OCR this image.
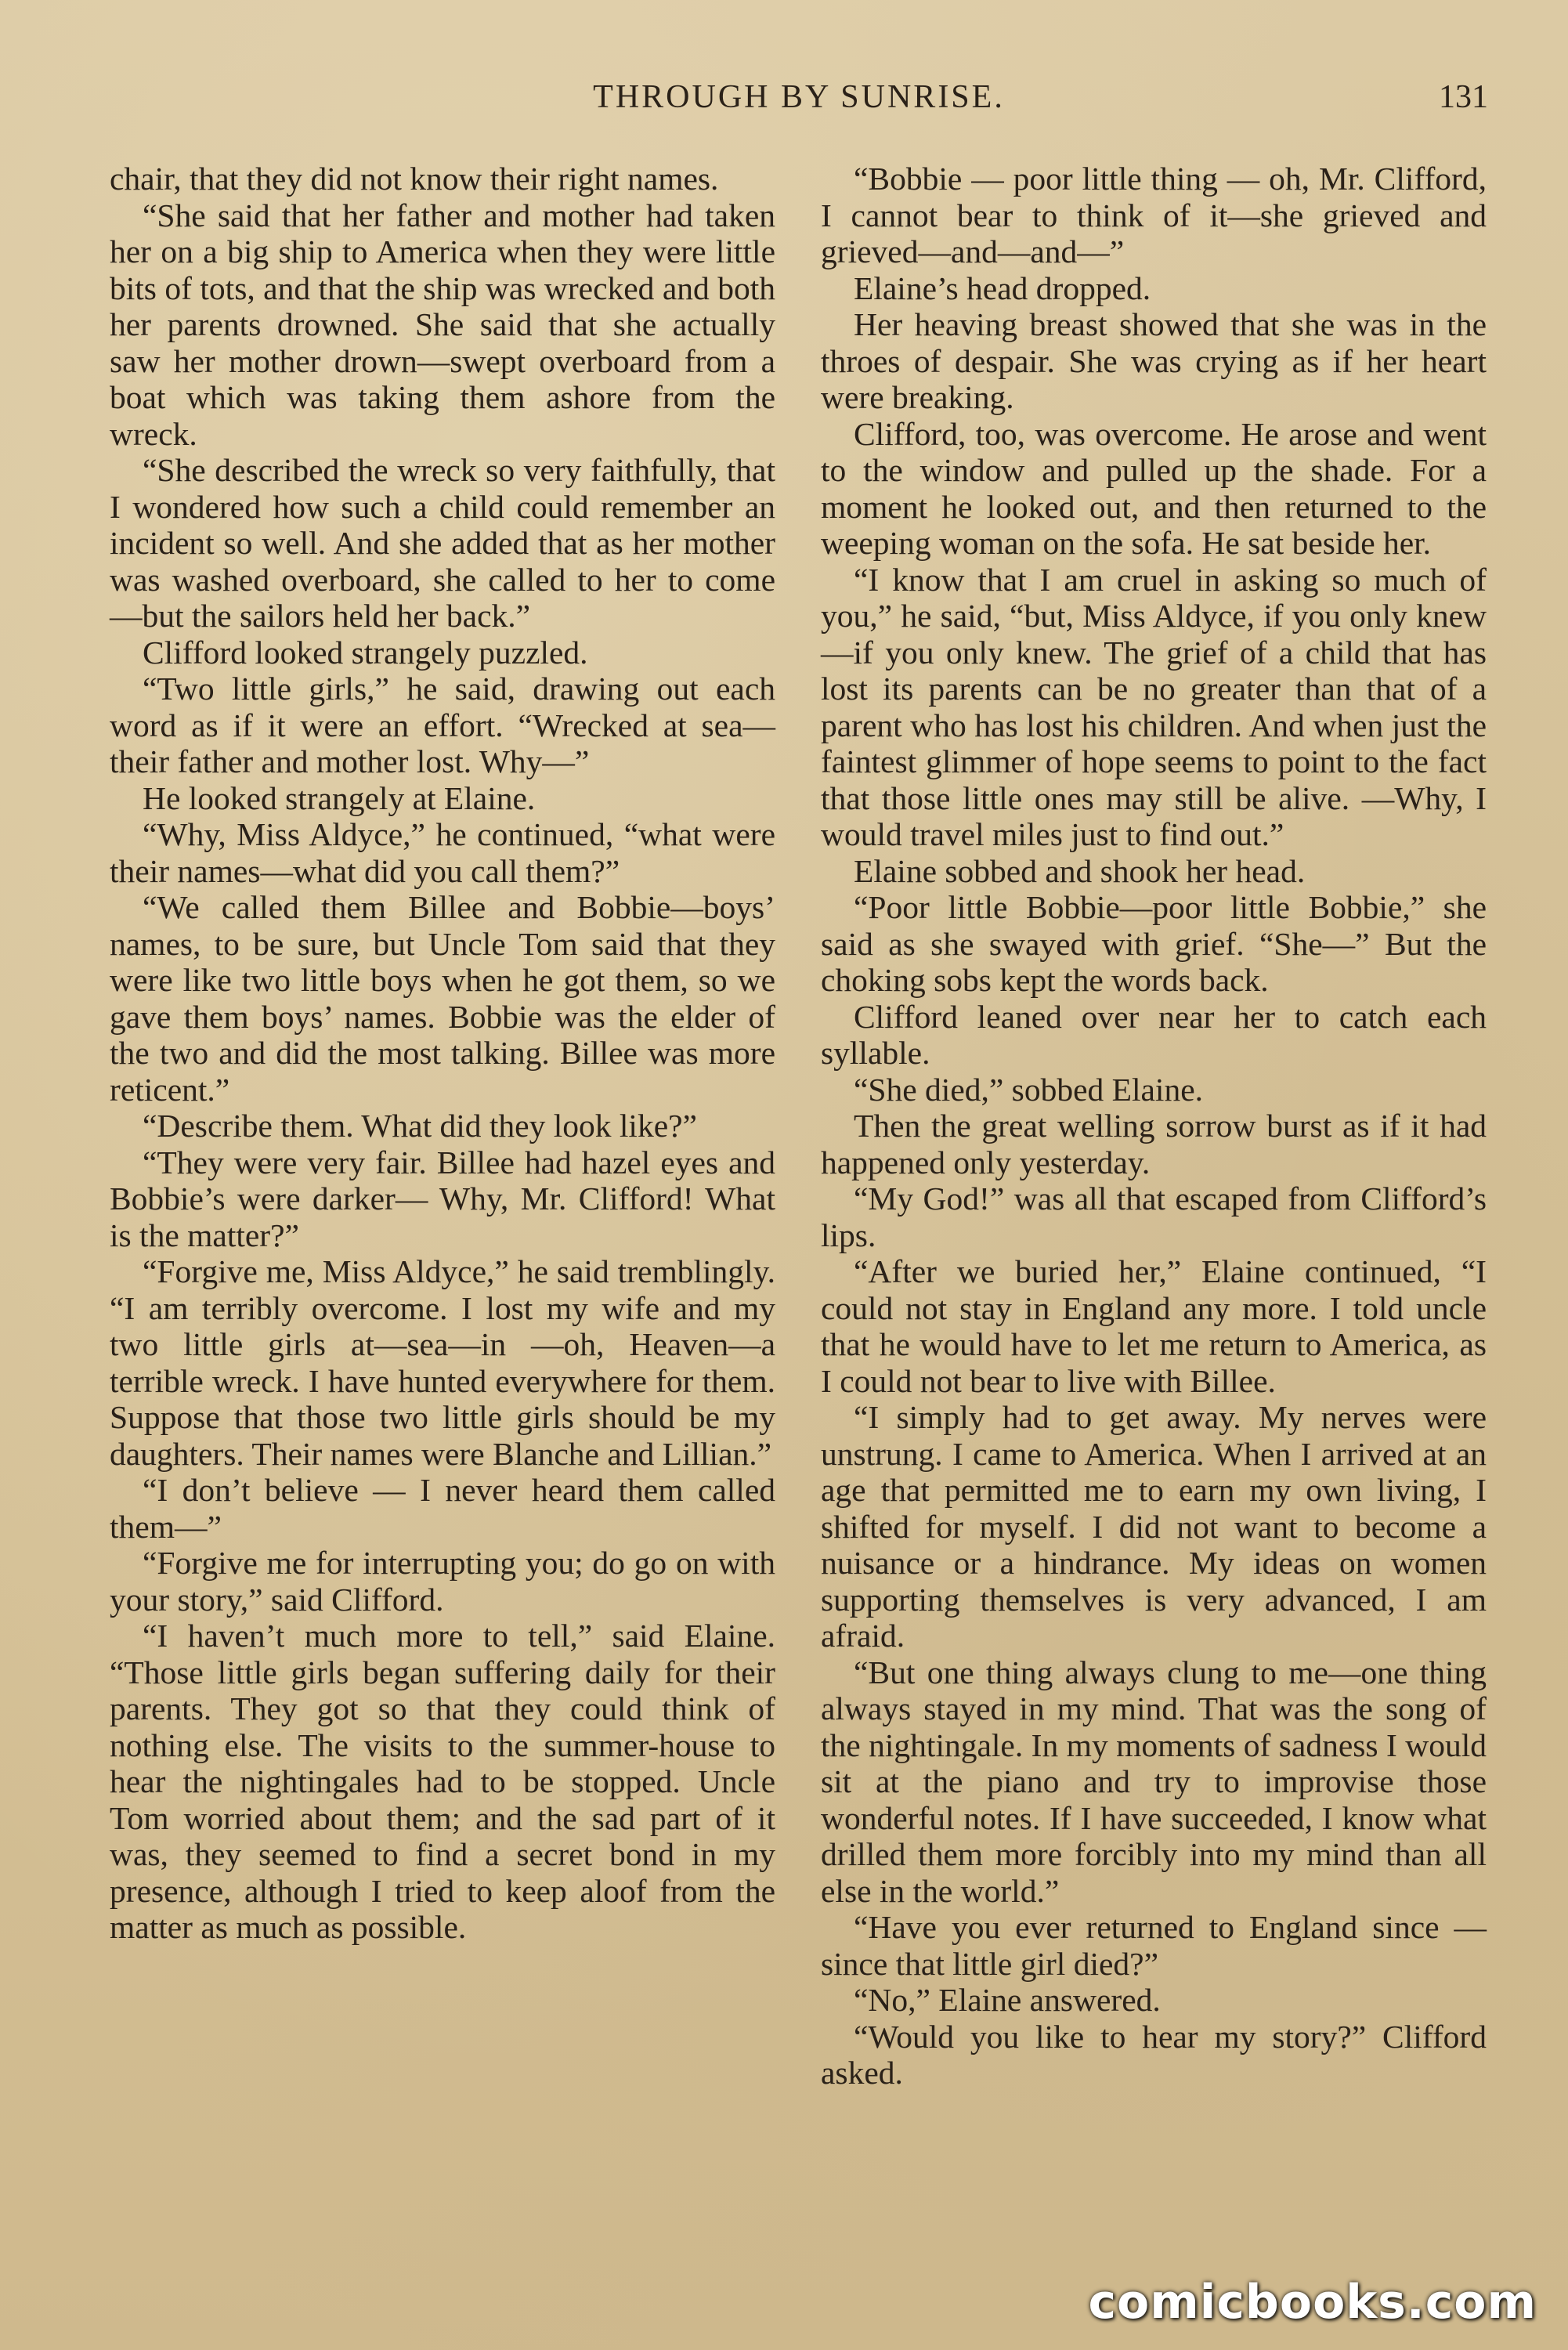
THROUGH BY SUNRISE.	131

chair, that they did not know their right names.

“She said that her father and mother had taken her on a big ship to America when they were little bits of tots, and that the ship was wrecked and both her parents drowned. She said that she actually saw her mother drown—swept overboard from a boat which was taking them ashore from the wreck.

“She described the wreck so very faithfully, that I wondered how such a child could remember an incident so well. And she added that as her mother was washed overboard, she called to her to come—but the sailors held her back.”

Clifford looked strangely puzzled.

“Two little girls,” he said, drawing out each word as if it were an effort. “Wrecked at sea—their father and mother lost. Why—”

He looked strangely at Elaine.

“Why, Miss Aldyce,” he continued, “what were their names—what did you call them?”

“We called them Billee and Bobbie—boys’ names, to be sure, but Uncle Tom said that they were like two little boys when he got them, so we gave them boys’ names. Bobbie was the elder of the two and did the most talking. Billee was more reticent.”

“Describe them. What did they look like?”

“They were very fair. Billee had hazel eyes and Bobbie’s were darker— Why, Mr. Clifford! What is the matter?”

“Forgive me, Miss Aldyce,” he said tremblingly. “I am terribly overcome. I lost my wife and my two little girls at—sea—in —oh, Heaven—a terrible wreck. I have hunted everywhere for them. Suppose that those two little girls should be my daughters. Their names were Blanche and Lillian.”

“I don’t believe — I never heard them called them—”

“Forgive me for interrupting you; do go on with your story,” said Clifford.

“I haven’t much more to tell,” said Elaine. “Those little girls began suffering daily for their parents. They got so that they could think of nothing else. The visits to the summer-house to hear the nightingales had to be stopped. Uncle Tom worried about them; and the sad part of it was, they seemed to find a secret bond in my presence, although I tried to keep aloof from the matter as much as possible.

“Bobbie — poor little thing — oh, Mr. Clifford, I cannot bear to think of it—she grieved and grieved—and—and—”

Elaine’s head dropped.

Her heaving breast showed that she was in the throes of despair. She was crying as if her heart were breaking.

Clifford, too, was overcome. He arose and went to the window and pulled up the shade. For a moment he looked out, and then returned to the weeping woman on the sofa. He sat beside her.

“I know that I am cruel in asking so much of you,” he said, “but, Miss Aldyce, if you only knew—if you only knew. The grief of a child that has lost its parents can be no greater than that of a parent who has lost his children. And when just the faintest glimmer of hope seems to point to the fact that those little ones may still be alive. —Why, I would travel miles just to find out.”

Elaine sobbed and shook her head.

“Poor little Bobbie—poor little Bobbie,” she said as she swayed with grief. “She—” But the choking sobs kept the words back.

Clifford leaned over near her to catch each syllable.

“She died,” sobbed Elaine.

Then the great welling sorrow burst as if it had happened only yesterday.

“My God!” was all that escaped from Clifford’s lips.

“After we buried her,” Elaine continued, “I could not stay in England any more. I told uncle that he would have to let me return to America, as I could not bear to live with Billee.

“I simply had to get away. My nerves were unstrung. I came to America. When I arrived at an age that permitted me to earn my own living, I shifted for myself. I did not want to become a nuisance or a hindrance. My ideas on women supporting themselves is very advanced, I am afraid.

“But one thing always clung to me—one thing always stayed in my mind. That was the song of the nightingale. In my moments of sadness I would sit at the piano and try to improvise those wonderful notes. If I have succeeded, I know what drilled them more forcibly into my mind than all else in the world.”

“Have you ever returned to England since —since that little girl died?”

“No,” Elaine answered.

“Would you like to hear my story?” Clifford asked.

comicbooks.com
